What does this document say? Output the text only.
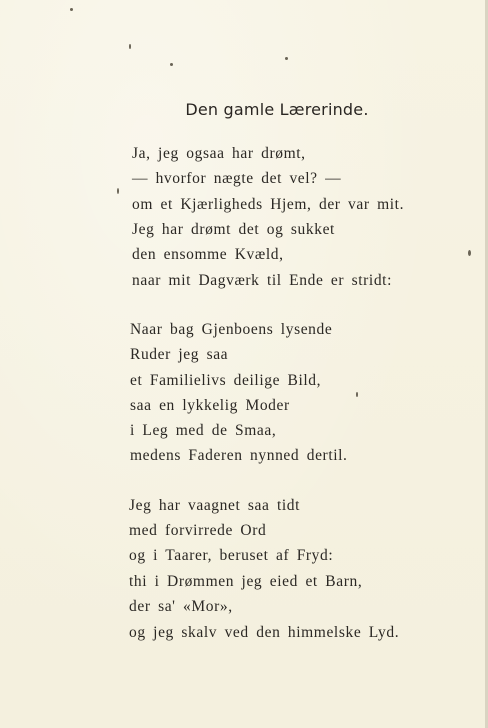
Den gamle Lærerinde.
Ja, jeg ogsaa har drømt,
— hvorfor nægte det vel? —
om et Kjærligheds Hjem, der var mit.
Jeg har drømt det og sukket
den ensomme Kvæld,
naar mit Dagværk til Ende er stridt:
Naar bag Gjenboens lysende
Ruder jeg saa
et Familielivs deilige Bild,
saa en lykkelig Moder
i Leg med de Smaa,
medens Faderen nynned dertil.
Jeg har vaagnet saa tidt
med forvirrede Ord
og i Taarer, beruset af Fryd:
thi i Drømmen jeg eied et Barn,
der sa' «Mor»,
og jeg skalv ved den himmelske Lyd.
